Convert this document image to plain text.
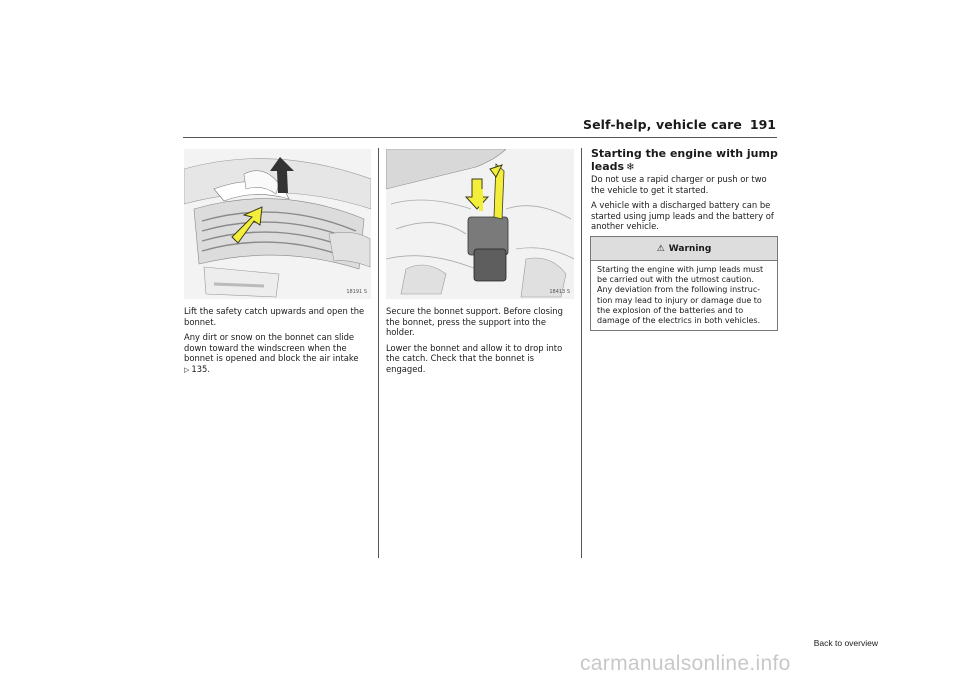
Self-help, vehicle care 191
18191 S	18413 S

Lift the safety catch upwards and open the bonnet.

Any dirt or snow on the bonnet can slide down toward the windscreen when the bonnet is opened and block the air intake

▷ 135.

Secure the bonnet support. Before closing the bonnet, press the support into the holder.

Lower the bonnet and allow it to drop into the catch. Check that the bonnet is engaged.

Starting the engine with jump leads ❄

Do not use a rapid charger or push or two the vehicle to get it started.

A vehicle with a discharged battery can be started using jump leads and the battery of another vehicle.

⚠ Warning
Starting the engine with jump leads must be carried out with the utmost caution. Any deviation from the following instruc-tion may lead to injury or damage due to the explosion of the batteries and to damage of the electrics in both vehicles.
Back to overview
carmanualsonline.info
